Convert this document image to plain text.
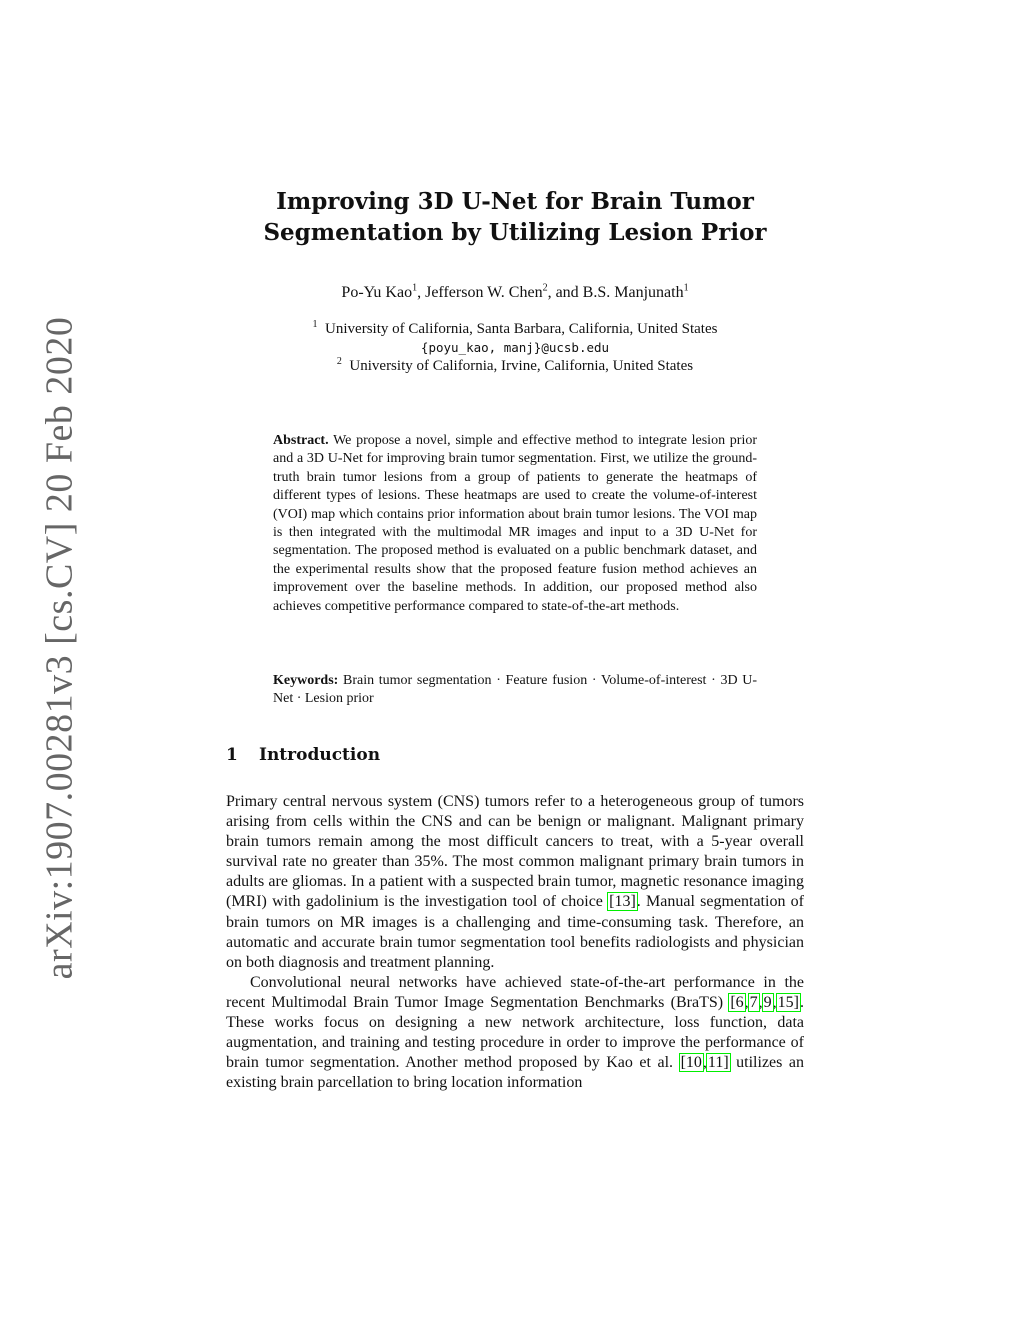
arXiv:1907.00281v3 [cs.CV] 20 Feb 2020
Improving 3D U-Net for Brain Tumor
Segmentation by Utilizing Lesion Prior
Po-Yu Kao$^1$, Jefferson W. Chen$^2$, and B.S. Manjunath$^1$
$^1$ University of California, Santa Barbara, California, United States
{poyu_kao, manj}@ucsb.edu
$^2$ University of California, Irvine, California, United States

Abstract. We propose a novel, simple and effective method to integrate lesion prior and a 3D U-Net for improving brain tumor segmentation. First, we utilize the ground-truth brain tumor lesions from a group of patients to generate the heatmaps of different types of lesions. These heatmaps are used to create the volume-of-interest (VOI) map which contains prior information about brain tumor lesions. The VOI map is then integrated with the multimodal MR images and input to a 3D U-Net for segmentation. The proposed method is evaluated on a public benchmark dataset, and the experimental results show that the proposed feature fusion method achieves an improvement over the baseline methods. In addition, our proposed method also achieves competitive performance compared to state-of-the-art methods.

Keywords: Brain tumor segmentation · Feature fusion · Volume-of-interest · 3D U-Net · Lesion prior

1 Introduction

Primary central nervous system (CNS) tumors refer to a heterogeneous group of tumors arising from cells within the CNS and can be benign or malignant. Malignant primary brain tumors remain among the most difficult cancers to treat, with a 5-year overall survival rate no greater than 35%. The most common malignant primary brain tumors in adults are gliomas. In a patient with a suspected brain tumor, magnetic resonance imaging (MRI) with gadolinium is the investigation tool of choice [13]. Manual segmentation of brain tumors on MR images is a challenging and time-consuming task. Therefore, an automatic and accurate brain tumor segmentation tool benefits radiologists and physician on both diagnosis and treatment planning.

Convolutional neural networks have achieved state-of-the-art performance in the recent Multimodal Brain Tumor Image Segmentation Benchmarks (BraTS) [6,7,9,15]. These works focus on designing a new network architecture, loss function, data augmentation, and training and testing procedure in order to improve the performance of brain tumor segmentation. Another method proposed by Kao et al. [10,11] utilizes an existing brain parcellation to bring location information
